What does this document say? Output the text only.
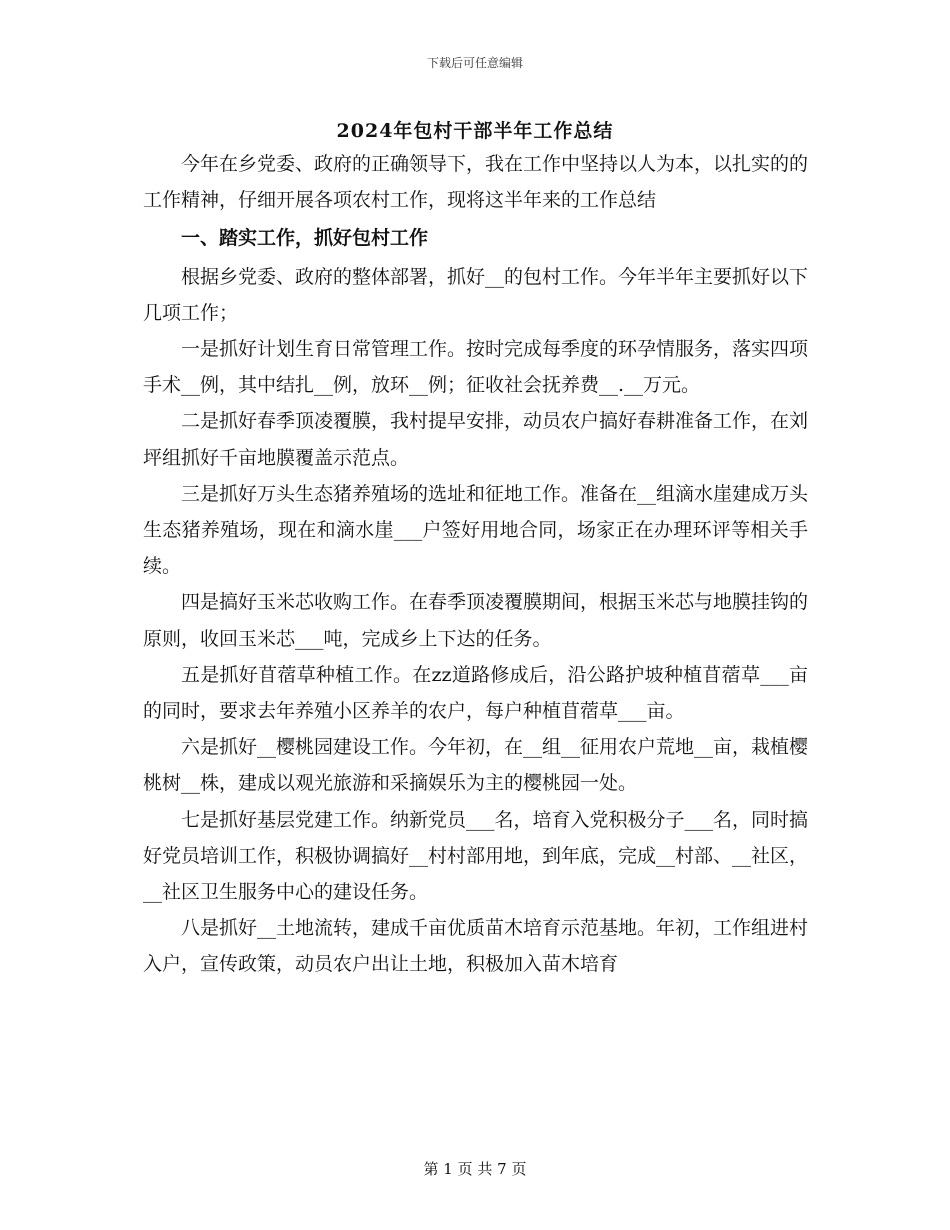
下载后可任意编辑
2024年包村干部半年工作总结

今年在乡党委、政府的正确领导下，我在工作中坚持以人为本，以扎实的的工作精神，仔细开展各项农村工作，现将这半年来的工作总结

一、踏实工作，抓好包村工作

根据乡党委、政府的整体部署，抓好__的包村工作。今年半年主要抓好以下几项工作；

一是抓好计划生育日常管理工作。按时完成每季度的环孕情服务，落实四项手术__例，其中结扎__例，放环__例；征收社会抚养费__.__万元。

二是抓好春季顶凌覆膜，我村提早安排，动员农户搞好春耕准备工作，在刘坪组抓好千亩地膜覆盖示范点。

三是抓好万头生态猪养殖场的选址和征地工作。准备在__组滴水崖建成万头生态猪养殖场，现在和滴水崖___户签好用地合同，场家正在办理环评等相关手续。

四是搞好玉米芯收购工作。在春季顶凌覆膜期间，根据玉米芯与地膜挂钩的原则，收回玉米芯___吨，完成乡上下达的任务。

五是抓好苜蓿草种植工作。在zz道路修成后，沿公路护坡种植苜蓿草___亩的同时，要求去年养殖小区养羊的农户，每户种植苜蓿草___亩。

六是抓好__樱桃园建设工作。今年初，在__组__征用农户荒地__亩，栽植樱桃树__株，建成以观光旅游和采摘娱乐为主的樱桃园一处。

七是抓好基层党建工作。纳新党员___名，培育入党积极分子___名，同时搞好党员培训工作，积极协调搞好__村村部用地，到年底，完成__村部、__社区，__社区卫生服务中心的建设任务。

八是抓好__土地流转，建成千亩优质苗木培育示范基地。年初，工作组进村入户，宣传政策，动员农户出让土地，积极加入苗木培育

第 1 页 共 7 页
